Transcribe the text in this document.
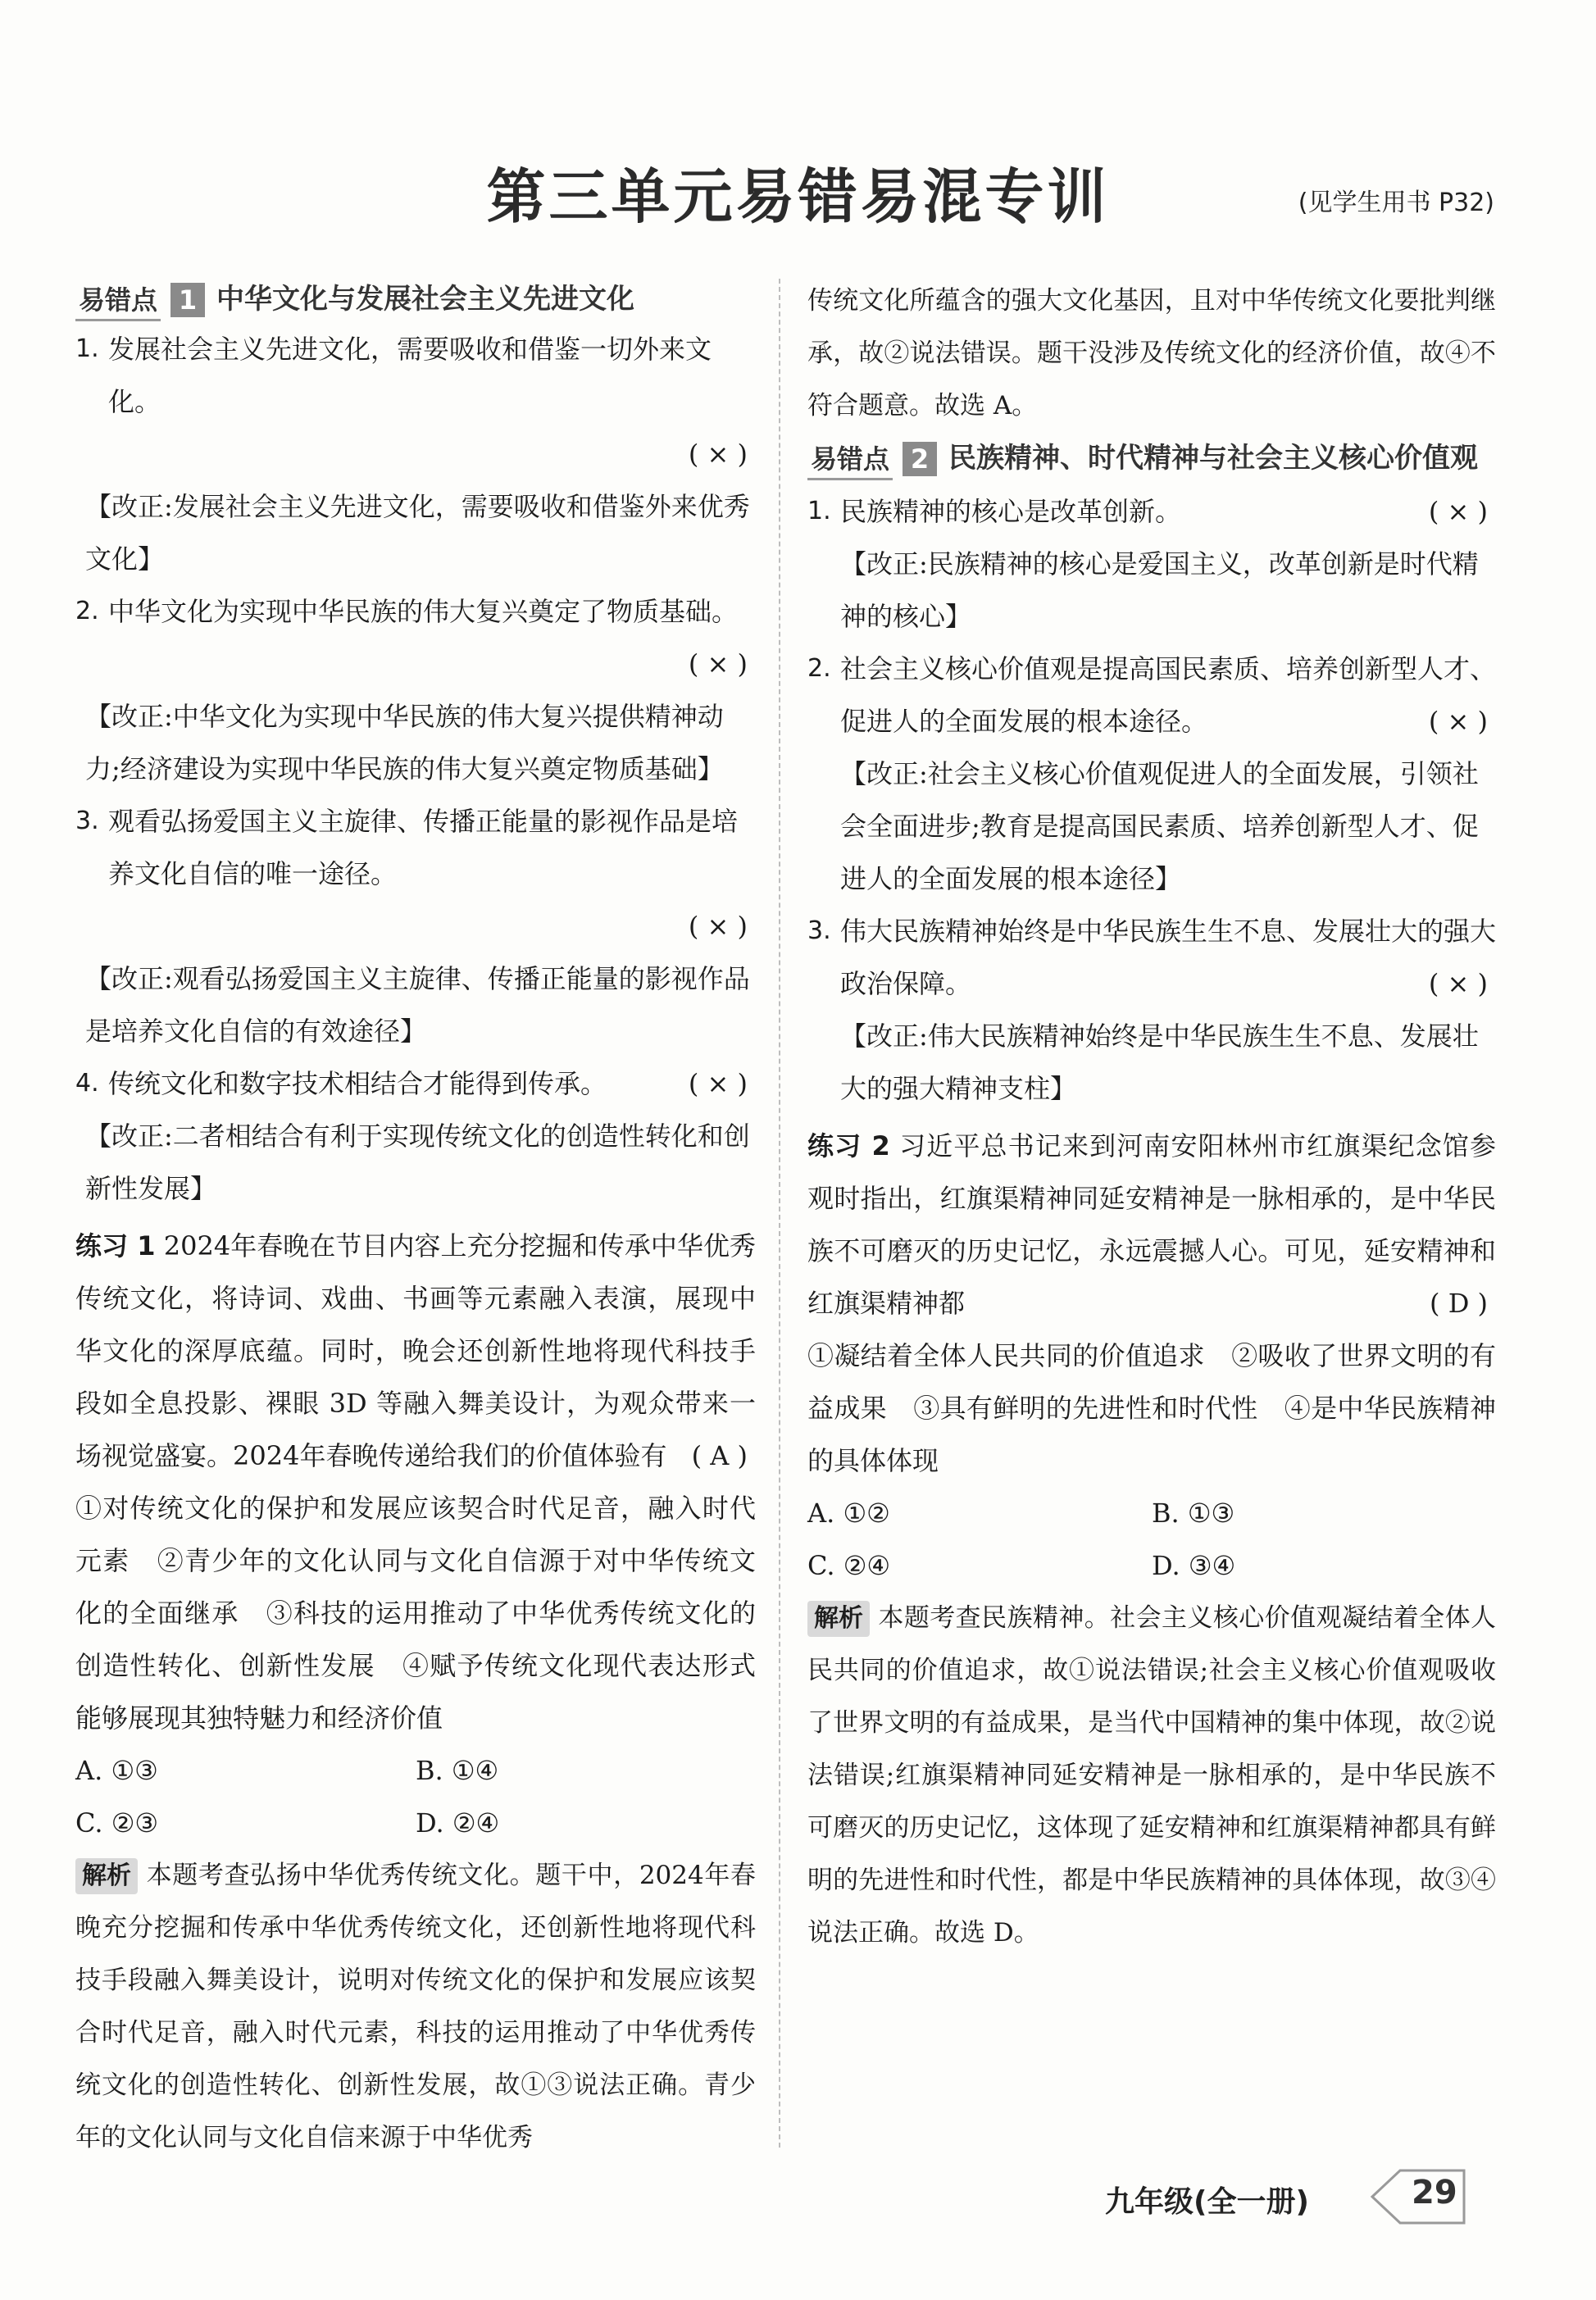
第三单元易错易混专训	(见学生用书 P32)
易错点 1 中华文化与发展社会主义先进文化
1. 发展社会主义先进文化，需要吸收和借鉴一切外来文化。
( × )
【改正:发展社会主义先进文化，需要吸收和借鉴外来优秀文化】
2. 中华文化为实现中华民族的伟大复兴奠定了物质基础。
( × )
【改正:中华文化为实现中华民族的伟大复兴提供精神动力;经济建设为实现中华民族的伟大复兴奠定物质基础】
3. 观看弘扬爱国主义主旋律、传播正能量的影视作品是培养文化自信的唯一途径。
( × )
【改正:观看弘扬爱国主义主旋律、传播正能量的影视作品是培养文化自信的有效途径】
4.	( × )
传统文化和数字技术相结合才能得到传承。
【改正:二者相结合有利于实现传统文化的创造性转化和创新性发展】
练习 1 2024年春晚在节目内容上充分挖掘和传承中华优秀传统文化，将诗词、戏曲、书画等元素融入表演，展现中华文化的深厚底蕴。同时，晚会还创新性地将现代科技手段如全息投影、裸眼 3D 等融入舞美设计，为观众带来一场视觉盛宴。2024年春晚传递给我们的价值体验有 ( A )
①对传统文化的保护和发展应该契合时代足音，融入时代元素　②青少年的文化认同与文化自信源于对中华传统文化的全面继承　③科技的运用推动了中华优秀传统文化的创造性转化、创新性发展　④赋予传统文化现代表达形式能够展现其独特魅力和经济价值
A. ①③	B. ①④
C. ②③	D. ②④
解析 本题考查弘扬中华优秀传统文化。题干中，2024年春晚充分挖掘和传承中华优秀传统文化，还创新性地将现代科技手段融入舞美设计，说明对传统文化的保护和发展应该契合时代足音，融入时代元素，科技的运用推动了中华优秀传统文化的创造性转化、创新性发展，故①③说法正确。青少年的文化认同与文化自信来源于中华优秀
传统文化所蕴含的强大文化基因，且对中华传统文化要批判继承，故②说法错误。题干没涉及传统文化的经济价值，故④不符合题意。故选 A。
易错点 2 民族精神、时代精神与社会主义核心价值观
1.	( × )
民族精神的核心是改革创新。
【改正:民族精神的核心是爱国主义，改革创新是时代精神的核心】
2. 社会主义核心价值观是提高国民素质、培养创新型人才、促进人的全面发展的根本途径。	( × )
【改正:社会主义核心价值观促进人的全面发展，引领社会全面进步;教育是提高国民素质、培养创新型人才、促进人的全面发展的根本途径】
3. 伟大民族精神始终是中华民族生生不息、发展壮大的强大政治保障。	( × )
【改正:伟大民族精神始终是中华民族生生不息、发展壮大的强大精神支柱】
练习 2 习近平总书记来到河南安阳林州市红旗渠纪念馆参观时指出，红旗渠精神同延安精神是一脉相承的，是中华民族不可磨灭的历史记忆，永远震撼人心。可见，延安精神和红旗渠精神都	( D )
①凝结着全体人民共同的价值追求　②吸收了世界文明的有益成果　③具有鲜明的先进性和时代性　④是中华民族精神的具体体现
A. ①②	B. ①③
C. ②④	D. ③④
解析 本题考查民族精神。社会主义核心价值观凝结着全体人民共同的价值追求，故①说法错误;社会主义核心价值观吸收了世界文明的有益成果，是当代中国精神的集中体现，故②说法错误;红旗渠精神同延安精神是一脉相承的，是中华民族不可磨灭的历史记忆，这体现了延安精神和红旗渠精神都具有鲜明的先进性和时代性，都是中华民族精神的具体体现，故③④说法正确。故选 D。
九年级(全一册)	29
